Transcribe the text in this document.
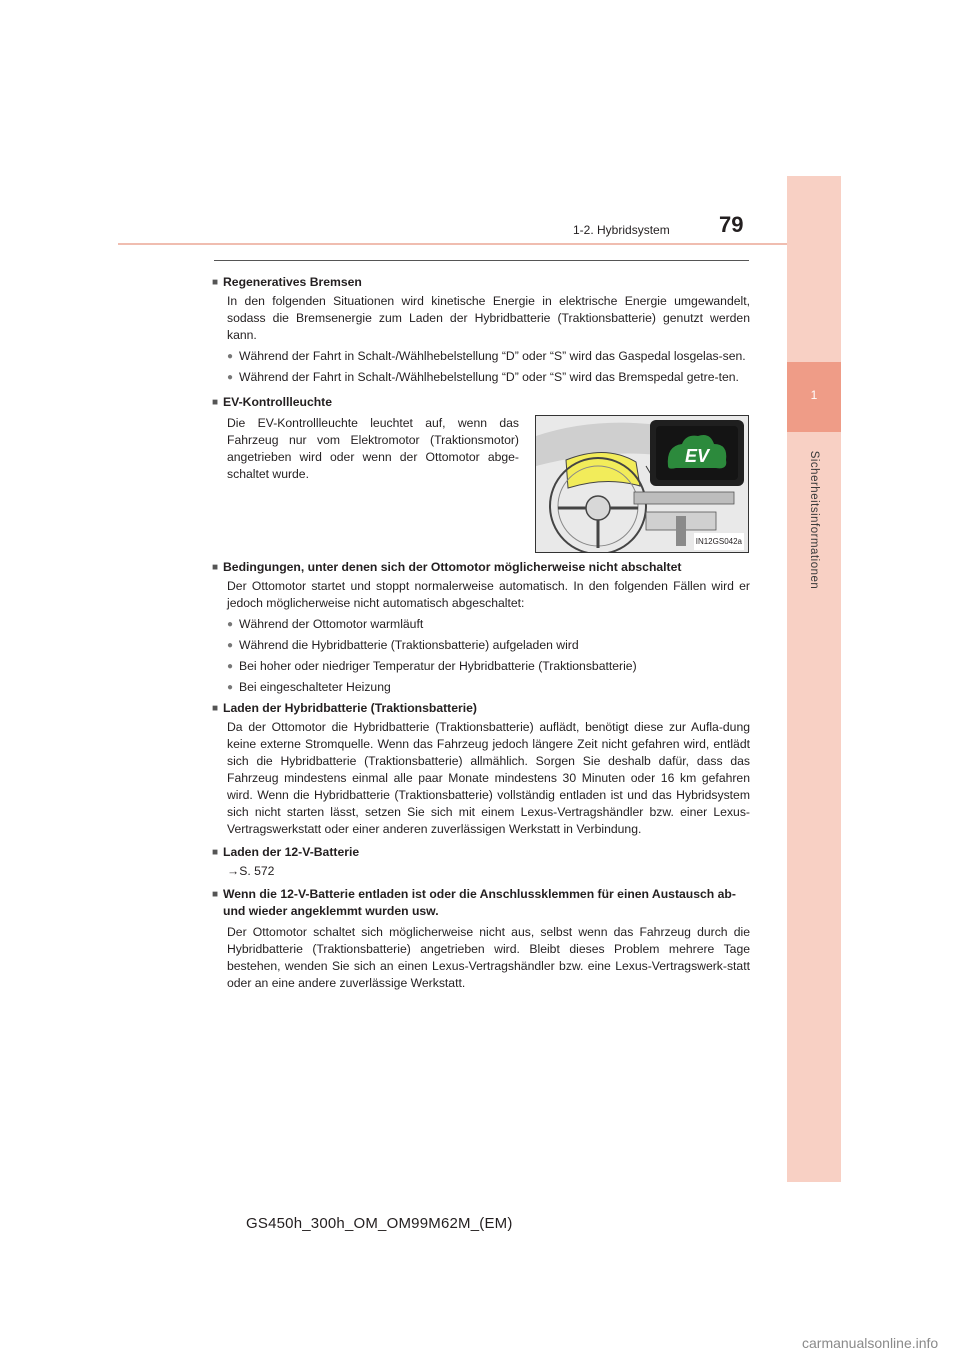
1
Sicherheitsinformationen
1-2. Hybridsystem 79
■ Regeneratives Bremsen
In den folgenden Situationen wird kinetische Energie in elektrische Energie umgewandelt, sodass die Bremsenergie zum Laden der Hybridbatterie (Traktionsbatterie) genutzt werden kann.
● Während der Fahrt in Schalt-/Wählhebelstellung “D” oder “S” wird das Gaspedal losgelas-sen.
● Während der Fahrt in Schalt-/Wählhebelstellung “D” oder “S” wird das Bremspedal getre-ten.
■ EV-Kontrollleuchte
Die EV-Kontrollleuchte leuchtet auf, wenn das Fahrzeug nur vom Elektromotor (Traktionsmotor) angetrieben wird oder wenn der Ottomotor abge-schaltet wurde.
EV
IN12GS042a
■ Bedingungen, unter denen sich der Ottomotor möglicherweise nicht abschaltet
Der Ottomotor startet und stoppt normalerweise automatisch. In den folgenden Fällen wird er jedoch möglicherweise nicht automatisch abgeschaltet:
● Während der Ottomotor warmläuft
● Während die Hybridbatterie (Traktionsbatterie) aufgeladen wird
● Bei hoher oder niedriger Temperatur der Hybridbatterie (Traktionsbatterie)
● Bei eingeschalteter Heizung
■ Laden der Hybridbatterie (Traktionsbatterie)
Da der Ottomotor die Hybridbatterie (Traktionsbatterie) auflädt, benötigt diese zur Aufla-dung keine externe Stromquelle. Wenn das Fahrzeug jedoch längere Zeit nicht gefahren wird, entlädt sich die Hybridbatterie (Traktionsbatterie) allmählich. Sorgen Sie deshalb dafür, dass das Fahrzeug mindestens einmal alle paar Monate mindestens 30 Minuten oder 16 km gefahren wird. Wenn die Hybridbatterie (Traktionsbatterie) vollständig entladen ist und das Hybridsystem sich nicht starten lässt, setzen Sie sich mit einem Lexus-Vertragshändler bzw. einer Lexus-Vertragswerkstatt oder einer anderen zuverlässigen Werkstatt in Verbindung.
■ Laden der 12-V-Batterie
→S. 572
■ Wenn die 12-V-Batterie entladen ist oder die Anschlussklemmen für einen Austausch ab- und wieder angeklemmt wurden usw.
Der Ottomotor schaltet sich möglicherweise nicht aus, selbst wenn das Fahrzeug durch die Hybridbatterie (Traktionsbatterie) angetrieben wird. Bleibt dieses Problem mehrere Tage bestehen, wenden Sie sich an einen Lexus-Vertragshändler bzw. eine Lexus-Vertragswerk-statt oder an eine andere zuverlässige Werkstatt.
GS450h_300h_OM_OM99M62M_(EM)
carmanualsonline.info
